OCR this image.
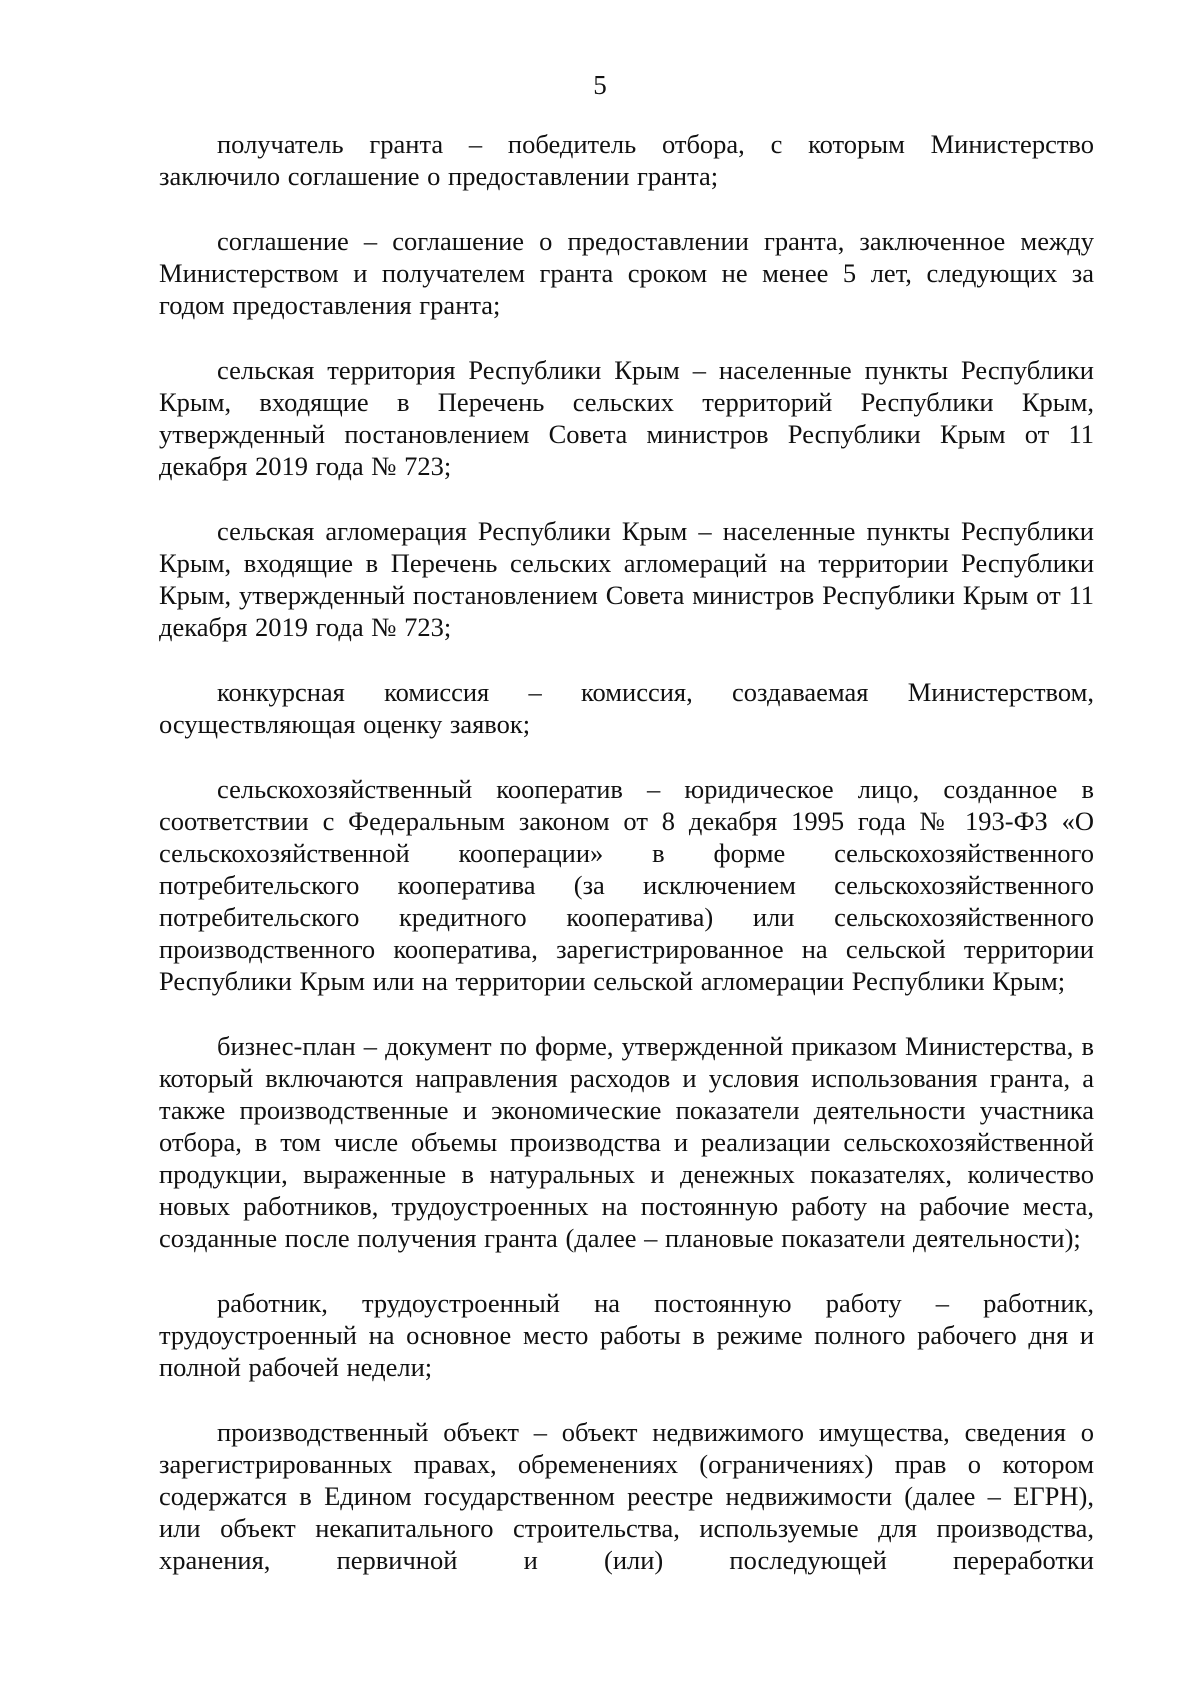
5

получатель гранта – победитель отбора, с которым Министерство заключило соглашение о предоставлении гранта;

соглашение – соглашение о предоставлении гранта, заключенное между Министерством и получателем гранта сроком не менее 5 лет, следующих за годом предоставления гранта;

сельская территория Республики Крым – населенные пункты Республики Крым, входящие в Перечень сельских территорий Республики Крым, утвержденный постановлением Совета министров Республики Крым от 11 декабря 2019 года № 723;

сельская агломерация Республики Крым – населенные пункты Республики Крым, входящие в Перечень сельских агломераций на территории Республики Крым, утвержденный постановлением Совета министров Республики Крым от 11 декабря 2019 года № 723;

конкурсная комиссия – комиссия, создаваемая Министерством, осуществляющая оценку заявок;

сельскохозяйственный кооператив – юридическое лицо, созданное в соответствии с Федеральным законом от 8 декабря 1995 года № 193-ФЗ «О сельскохозяйственной кооперации» в форме сельскохозяйственного потребительского кооператива (за исключением сельскохозяйственного потребительского кредитного кооператива) или сельскохозяйственного производственного кооператива, зарегистрированное на сельской территории Республики Крым или на территории сельской агломерации Республики Крым;

бизнес-план – документ по форме, утвержденной приказом Министерства, в который включаются направления расходов и условия использования гранта, а также производственные и экономические показатели деятельности участника отбора, в том числе объемы производства и реализации сельскохозяйственной продукции, выраженные в натуральных и денежных показателях, количество новых работников, трудоустроенных на постоянную работу на рабочие места, созданные после получения гранта (далее – плановые показатели деятельности);

работник, трудоустроенный на постоянную работу – работник, трудоустроенный на основное место работы в режиме полного рабочего дня и полной рабочей недели;

производственный объект – объект недвижимого имущества, сведения о зарегистрированных правах, обременениях (ограничениях) прав о котором содержатся в Едином государственном реестре недвижимости (далее – ЕГРН), или объект некапитального строительства, используемые для производства, хранения, первичной и (или) последующей переработки
